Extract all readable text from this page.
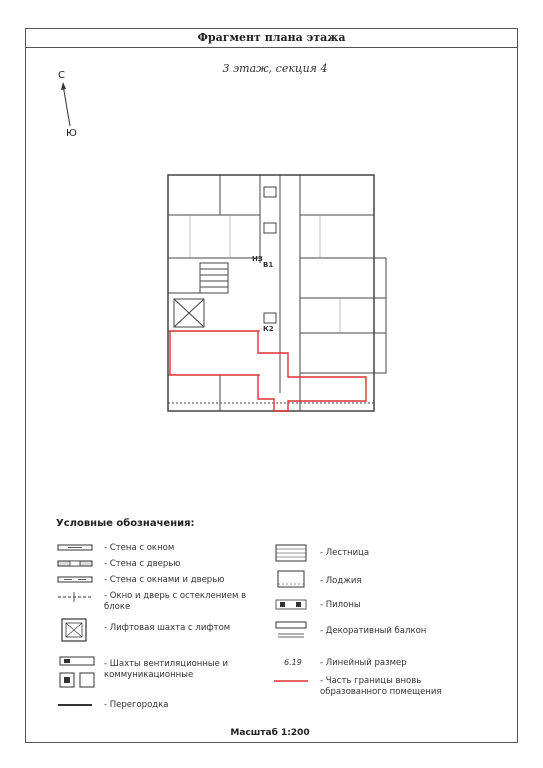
Фрагмент плана этажа
3 этаж, секция 4
С
Ю
В1
К2
НЗ
Условные обозначения:
- Стена с окном
- Стена с дверью
- Стена с окнами и дверью
- Окно и дверь с остеклением в блоке
- Лифтовая шахта с лифтом
- Шахты вентиляционные и коммуникационные
- Перегородка
- Лестница
- Лоджия
- Пилоны
- Декоративный балкон
6.19 - Линейный размер
- Часть границы вновь образованного помещения
Масштаб 1:200
